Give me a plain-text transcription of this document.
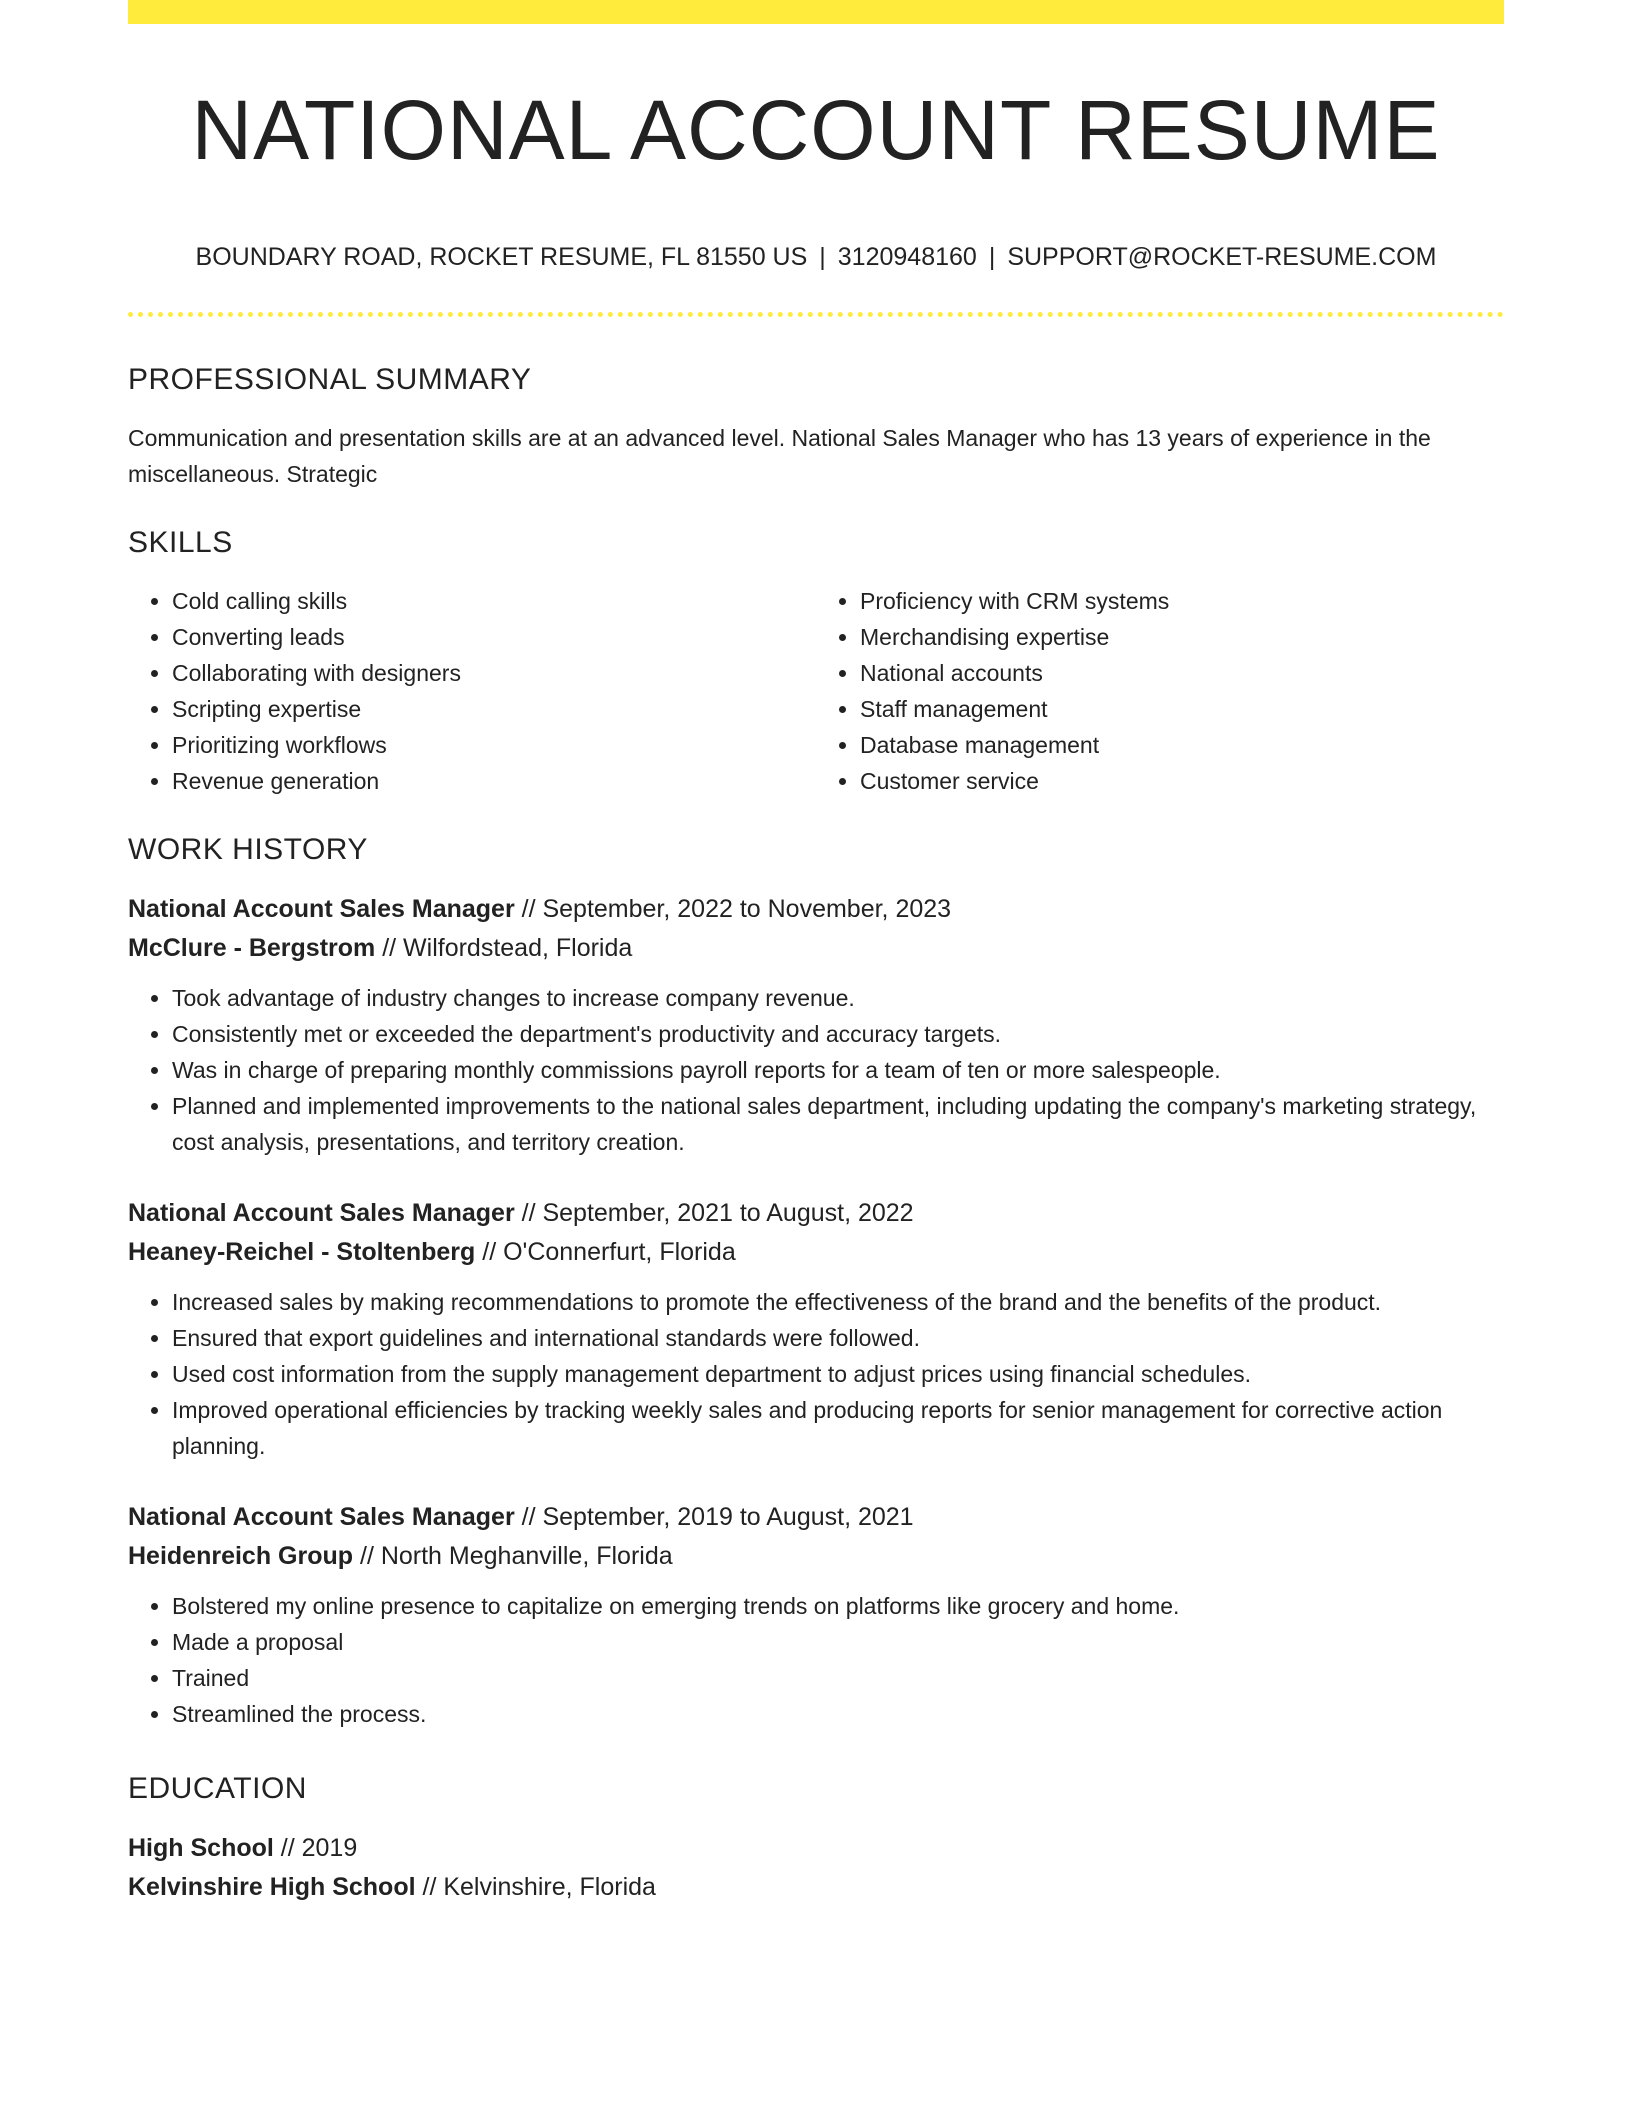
NATIONAL ACCOUNT RESUME
BOUNDARY ROAD, ROCKET RESUME, FL 81550 US | 3120948160 | SUPPORT@ROCKET-RESUME.COM
PROFESSIONAL SUMMARY
Communication and presentation skills are at an advanced level. National Sales Manager who has 13 years of experience in the miscellaneous. Strategic
SKILLS
• Cold calling skills
• Converting leads
• Collaborating with designers
• Scripting expertise
• Prioritizing workflows
• Revenue generation
• Proficiency with CRM systems
• Merchandising expertise
• National accounts
• Staff management
• Database management
• Customer service
WORK HISTORY
National Account Sales Manager // September, 2022 to November, 2023
McClure - Bergstrom // Wilfordstead, Florida
• Took advantage of industry changes to increase company revenue.
• Consistently met or exceeded the department's productivity and accuracy targets.
• Was in charge of preparing monthly commissions payroll reports for a team of ten or more salespeople.
• Planned and implemented improvements to the national sales department, including updating the company's marketing strategy, cost analysis, presentations, and territory creation.
National Account Sales Manager // September, 2021 to August, 2022
Heaney-Reichel - Stoltenberg // O'Connerfurt, Florida
• Increased sales by making recommendations to promote the effectiveness of the brand and the benefits of the product.
• Ensured that export guidelines and international standards were followed.
• Used cost information from the supply management department to adjust prices using financial schedules.
• Improved operational efficiencies by tracking weekly sales and producing reports for senior management for corrective action planning.
National Account Sales Manager // September, 2019 to August, 2021
Heidenreich Group // North Meghanville, Florida
• Bolstered my online presence to capitalize on emerging trends on platforms like grocery and home.
• Made a proposal
• Trained
• Streamlined the process.
EDUCATION
High School // 2019
Kelvinshire High School // Kelvinshire, Florida
